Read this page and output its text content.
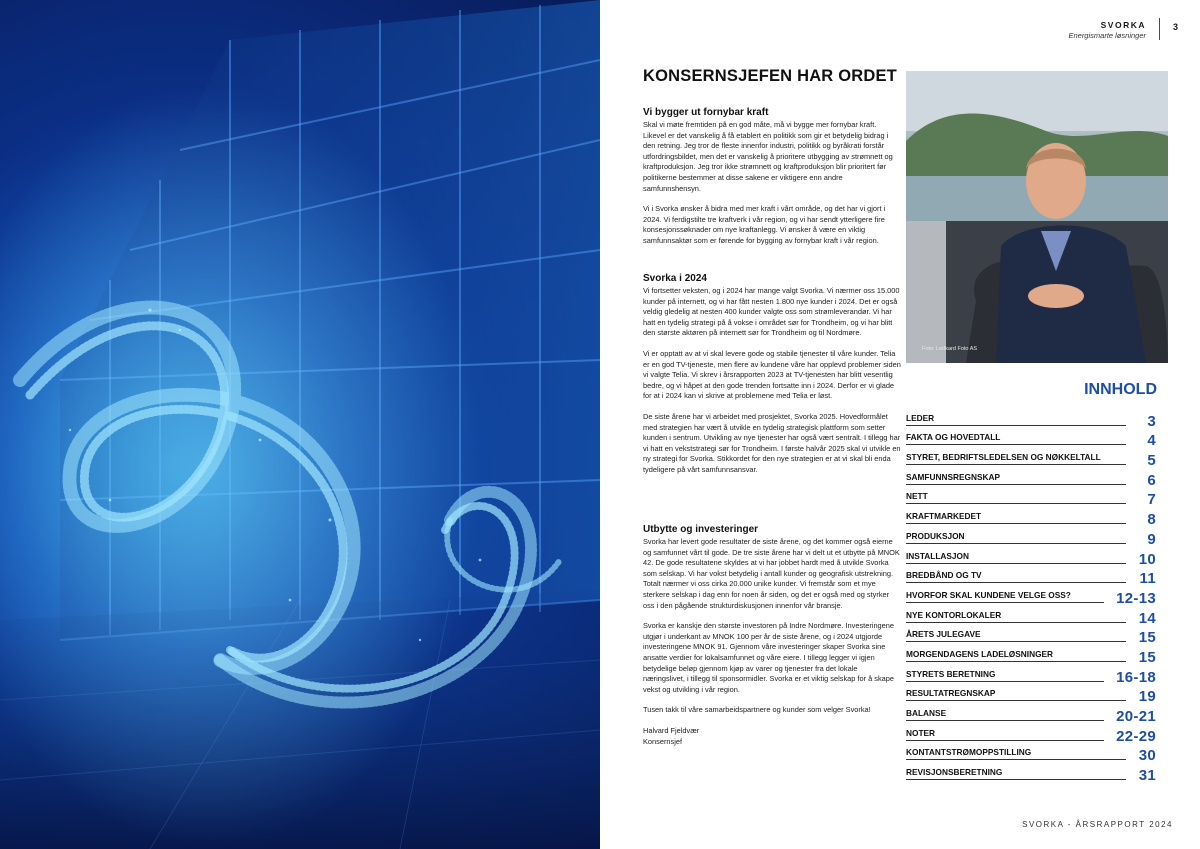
SVORKA
Energismarte løsninger
3
KONSERNSJEFEN HAR ORDET
Vi bygger ut fornybar kraft

Skal vi møte fremtiden på en god måte, må vi bygge mer fornybar kraft. Likevel er det vanskelig å få etablert en politikk som gir et betydelig bidrag i den retning. Jeg tror de fleste innenfor industri, politikk og byråkrati forstår utfordringsbildet, men det er vanskelig å prioritere utbygging av strømnett og kraftproduksjon. Jeg tror ikke strømnett og kraftproduksjon blir prioritert før politikerne bestemmer at disse sakene er viktigere enn andre samfunnshensyn.

Vi i Svorka ønsker å bidra med mer kraft i vårt område, og det har vi gjort i 2024. Vi ferdigstilte tre kraftverk i vår region, og vi har sendt ytterligere fire konsesjonssøknader om nye kraftanlegg. Vi ønsker å være en viktig samfunnsaktør som er førende for bygging av fornybar kraft i vår region.

Svorka i 2024

Vi fortsetter veksten, og i 2024 har mange valgt Svorka. Vi nærmer oss 15.000 kunder på internett, og vi har fått nesten 1.800 nye kunder i 2024. Det er også veldig gledelig at nesten 400 kunder valgte oss som strømleverandør. Vi har hatt en tydelig strategi på å vokse i området sør for Trondheim, og vi har blitt den største aktøren på internett sør for Trondheim og til Nordmøre.

Vi er opptatt av at vi skal levere gode og stabile tjenester til våre kunder. Telia er en god TV-tjeneste, men flere av kundene våre har opplevd problemer siden vi valgte Telia. Vi skrev i årsrapporten 2023 at TV-tjenesten har blitt vesentlig bedre, og vi håpet at den gode trenden fortsatte inn i 2024. Derfor er vi glade for at i 2024 kan vi skrive at problemene med Telia er løst.

De siste årene har vi arbeidet med prosjektet, Svorka 2025. Hovedformålet med strategien har vært å utvikle en tydelig strategisk plattform som setter kunden i sentrum. Utvikling av nye tjenester har også vært sentralt. I tillegg har vi hatt en vekststrategi sør for Trondheim. I første halvår 2025 skal vi utvikle en ny strategi for Svorka. Stikkordet for den nye strategien er at vi skal bli enda tydeligere på vårt samfunnsansvar.

Utbytte og investeringer

Svorka har levert gode resultater de siste årene, og det kommer også eierne og samfunnet vårt til gode. De tre siste årene har vi delt ut et utbytte på MNOK 42. De gode resultatene skyldes at vi har jobbet hardt med å utvikle Svorka som selskap. Vi har vokst betydelig i antall kunder og geografisk utstrekning. Totalt nærmer vi oss cirka 20.000 unike kunder. Vi fremstår som et mye sterkere selskap i dag enn for noen år siden, og det er også med og styrker oss i den pågående strukturdiskusjonen innenfor vår bransje.

Svorka er kanskje den største investoren på Indre Nordmøre. Investeringene utgjør i underkant av MNOK 100 per år de siste årene, og i 2024 utgjorde investeringene MNOK 91. Gjennom våre investeringer skaper Svorka sine ansatte verdier for lokalsamfunnet og våre eiere. I tillegg legger vi igjen betydelige beløp gjennom kjøp av varer og tjenester fra det lokale næringslivet, i tillegg til sponsormidler. Svorka er et viktig selskap for å skape vekst og utvikling i vår region.

Tusen takk til våre samarbeidspartnere og kunder som velger Svorka!

Halvard Fjeldvær
Konsernsjef

Foto: Ledkard Foto AS
INNHOLD
LEDER	3
FAKTA OG HOVEDTALL	4
STYRET, BEDRIFTSLEDELSEN OG NØKKELTALL	5
SAMFUNNSREGNSKAP	6
NETT	7
KRAFTMARKEDET	8
PRODUKSJON	9
INSTALLASJON	10
BREDBÅND OG TV	11
HVORFOR SKAL KUNDENE VELGE OSS?	12-13
NYE KONTORLOKALER	14
ÅRETS JULEGAVE	15
MORGENDAGENS LADELØSNINGER	15
STYRETS BERETNING	16-18
RESULTATREGNSKAP	19
BALANSE	20-21
NOTER	22-29
KONTANTSTRØMOPPSTILLING	30
REVISJONSBERETNING	31
SVORKA - ÅRSRAPPORT 2024
